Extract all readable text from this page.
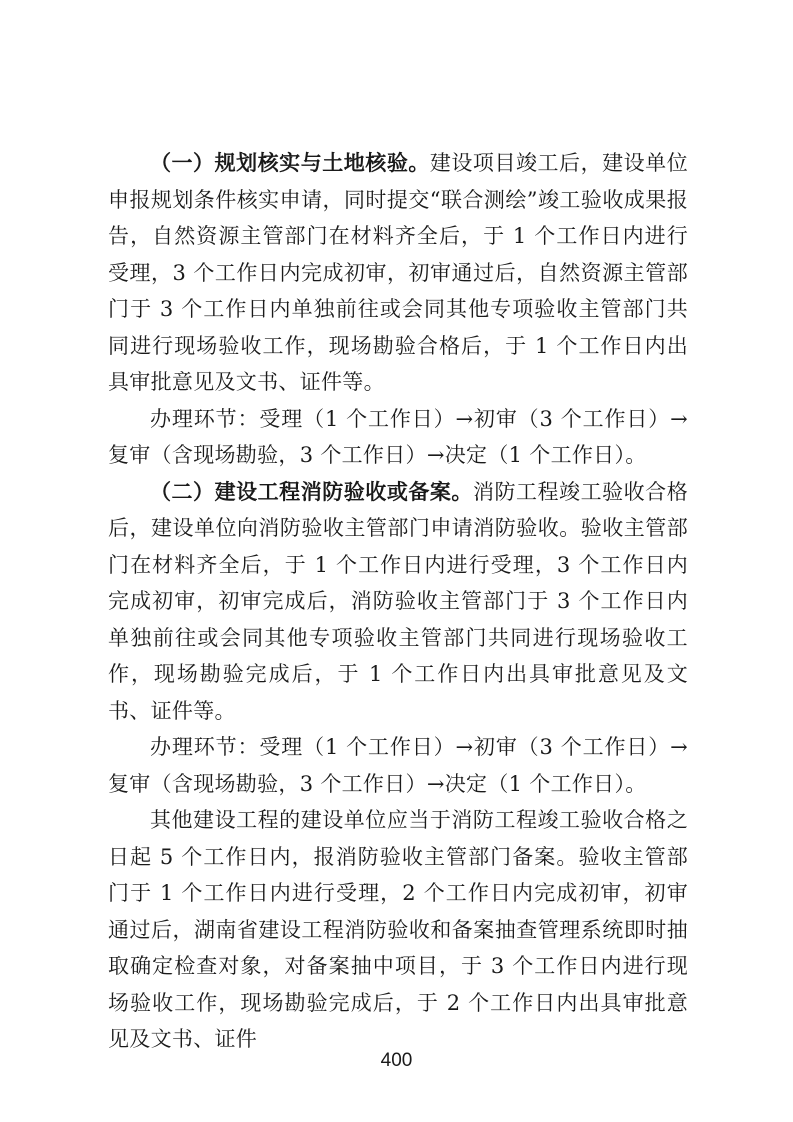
（一）规划核实与土地核验。建设项目竣工后，建设单位申报规划条件核实申请，同时提交“联合测绘”竣工验收成果报告，自然资源主管部门在材料齐全后，于 1 个工作日内进行受理，3 个工作日内完成初审，初审通过后，自然资源主管部门于 3 个工作日内单独前往或会同其他专项验收主管部门共同进行现场验收工作，现场勘验合格后，于 1 个工作日内出具审批意见及文书、证件等。

办理环节：受理（1 个工作日）→初审（3 个工作日）→复审（含现场勘验，3 个工作日）→决定（1 个工作日）。

（二）建设工程消防验收或备案。消防工程竣工验收合格后，建设单位向消防验收主管部门申请消防验收。验收主管部门在材料齐全后，于 1 个工作日内进行受理，3 个工作日内完成初审，初审完成后，消防验收主管部门于 3 个工作日内单独前往或会同其他专项验收主管部门共同进行现场验收工作，现场勘验完成后，于 1 个工作日内出具审批意见及文书、证件等。

办理环节：受理（1 个工作日）→初审（3 个工作日）→复审（含现场勘验，3 个工作日）→决定（1 个工作日）。

其他建设工程的建设单位应当于消防工程竣工验收合格之日起 5 个工作日内，报消防验收主管部门备案。验收主管部门于 1 个工作日内进行受理，2 个工作日内完成初审，初审通过后，湖南省建设工程消防验收和备案抽查管理系统即时抽取确定检查对象，对备案抽中项目，于 3 个工作日内进行现场验收工作，现场勘验完成后，于 2 个工作日内出具审批意见及文书、证件

400
